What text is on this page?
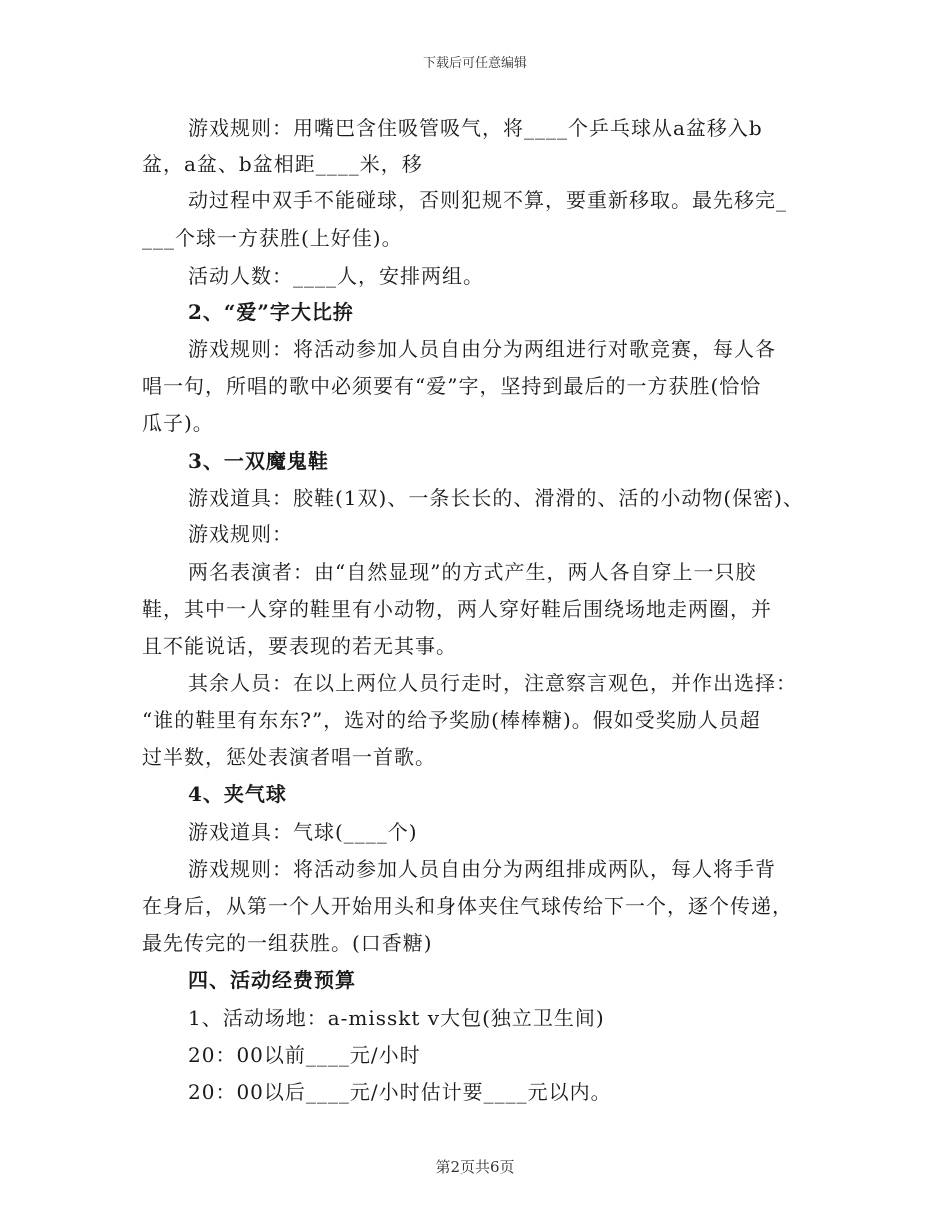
下载后可任意编辑
游戏规则：用嘴巴含住吸管吸气，将____个乒乓球从a盆移入b
盆，a盆、b盆相距____米，移
动过程中双手不能碰球，否则犯规不算，要重新移取。最先移完_
___个球一方获胜(上好佳)。
活动人数：____人，安排两组。
2、“爱”字大比拚
游戏规则：将活动参加人员自由分为两组进行对歌竞赛，每人各
唱一句，所唱的歌中必须要有“爱”字，坚持到最后的一方获胜(恰恰
瓜子)。
3、一双魔鬼鞋
游戏道具：胶鞋(1双)、一条长长的、滑滑的、活的小动物(保密)、
游戏规则：
两名表演者：由“自然显现”的方式产生，两人各自穿上一只胶
鞋，其中一人穿的鞋里有小动物，两人穿好鞋后围绕场地走两圈，并
且不能说话，要表现的若无其事。
其余人员：在以上两位人员行走时，注意察言观色，并作出选择：
“谁的鞋里有东东?”，选对的给予奖励(棒棒糖)。假如受奖励人员超
过半数，惩处表演者唱一首歌。
4、夹气球
游戏道具：气球(____个)
游戏规则：将活动参加人员自由分为两组排成两队，每人将手背
在身后，从第一个人开始用头和身体夹住气球传给下一个，逐个传递，
最先传完的一组获胜。(口香糖)
四、活动经费预算
1、活动场地：a-misskt v大包(独立卫生间)
20：00以前____元/小时
20：00以后____元/小时估计要____元以内。
第2页共6页
